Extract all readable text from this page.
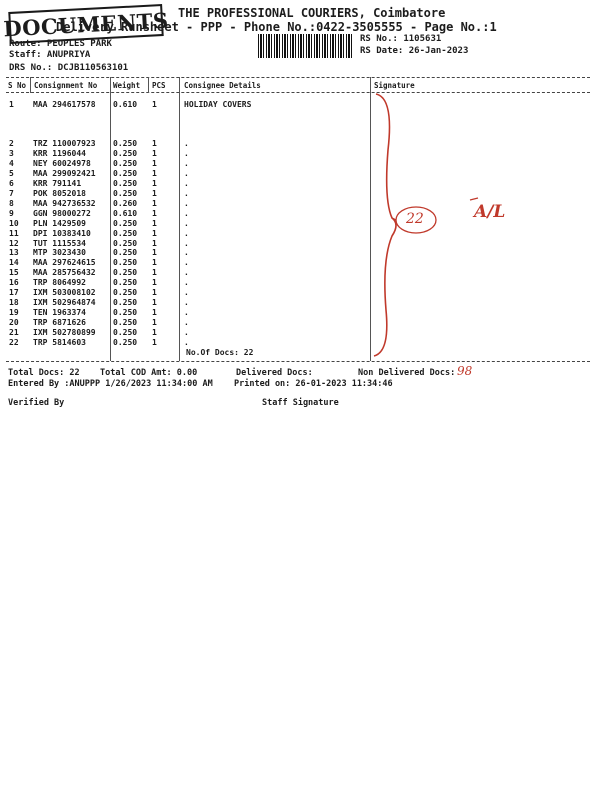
DOCUMENTS THE PROFESSIONAL COURIERS, Coimbatore
Delivery Runsheet - PPP - Phone No.:0422-3505555 - Page No.:1
Route: PEOPLES PARK
Staff: ANUPRIYA
DRS No.: DCJB110563101
RS No.: 1105631
RS Date: 26-Jan-2023
S No Consignment No Weight PCS Consignee Details	Signature
1 MAA 294617578 0.610 1	HOLIDAY COVERS
2 TRZ 110007923 0.250 1	.
3 KRR 1196044	0.250 1	.
4 NEY 60024978	0.250 1	.
5 MAA 299092421 0.250 1	.
6 KRR 791141	0.250 1	.
7 POK 8052018	0.250 1	.
8 MAA 942736532 0.260 1	.
9 GGN 98000272	0.610 1	.
10 PLN 1429509	0.250 1	.
11 DPI 10383410	0.250 1	.
12 TUT 1115534	0.250 1	.
13 MTP 3023430	0.250 1	.
14 MAA 297624615 0.250 1	.
15 MAA 285756432 0.250 1	.
16 TRP 8064992	0.250 1	.
17 IXM 503008102 0.250 1	.
18 IXM 502964874 0.250 1	.
19 TEN 1963374	0.250 1	.
20 TRP 6871626	0.250 1	.
21 IXM 502780899 0.250 1	.
22 TRP 5814603	0.250 1	.
No.Of Docs: 22
22	A/L
Total Docs: 22 Total COD Amt: 0.00	Delivered Docs:	Non Delivered Docs: 98
Entered By :ANUPPP 1/26/2023 11:34:00 AM	Printed on: 26-01-2023 11:34:46
Verified By	Staff Signature
